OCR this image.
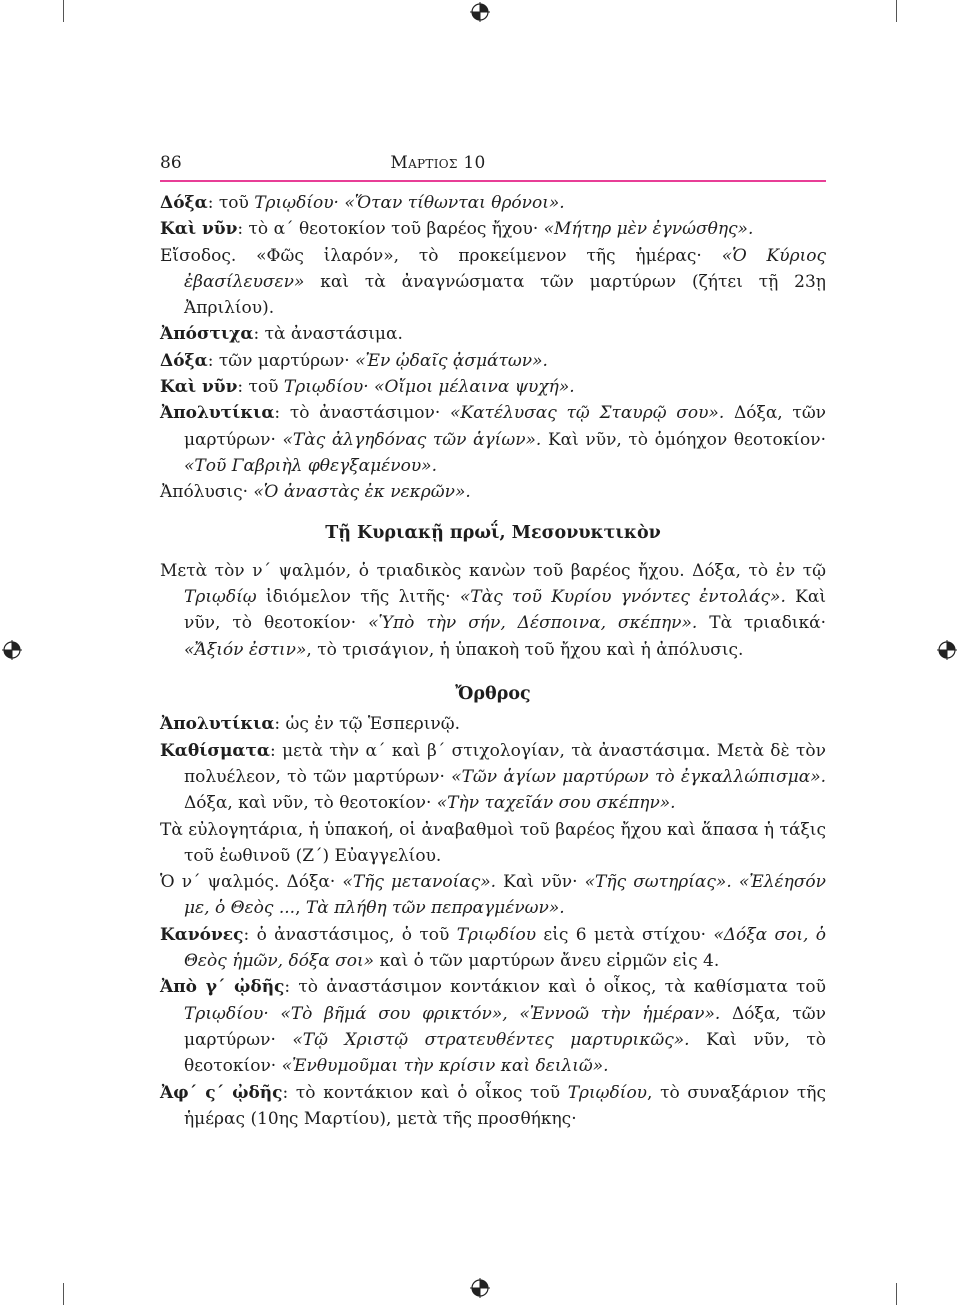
86	Μαρτιος 10

Δόξα: τοῦ Τριῳδίου· «Ὅταν τίθωνται θρόνοι».

Καὶ νῦν: τὸ α΄ θεοτοκίον τοῦ βαρέος ἤχου· «Μήτηρ μὲν ἐγνώσθης».

Εἴσοδος. «Φῶς ἱλαρόν», τὸ προκείμενον τῆς ἡμέρας· «Ὁ Κύριος ἐβασίλευσεν» καὶ τὰ ἀναγνώσματα τῶν μαρτύρων (ζήτει τῇ 23ῃ Ἀπριλίου).

Ἀπόστιχα: τὰ ἀναστάσιμα.

Δόξα: τῶν μαρτύρων· «Ἐν ᾠδαῖς ᾀσμάτων».

Καὶ νῦν: τοῦ Τριῳδίου· «Οἴμοι μέλαινα ψυχή».

Ἀπολυτίκια: τὸ ἀναστάσιμον· «Κατέλυσας τῷ Σταυρῷ σου». Δόξα, τῶν μαρτύρων· «Τὰς ἀλγηδόνας τῶν ἁγίων». Καὶ νῦν, τὸ ὁμόηχον θεοτοκίον· «Τοῦ Γαβριὴλ φθεγξαμένου».

Ἀπόλυσις· «Ὁ ἀναστὰς ἐκ νεκρῶν».

Τῇ Κυριακῇ πρωΐ, Μεσονυκτικὸν

Μετὰ τὸν ν΄ ψαλμόν, ὁ τριαδικὸς κανὼν τοῦ βαρέος ἤχου. Δόξα, τὸ ἐν τῷ Τριῳδίῳ ἰδιόμελον τῆς λιτῆς· «Τὰς τοῦ Κυρίου γνόντες ἐντολάς». Καὶ νῦν, τὸ θεοτοκίον· «Ὑπὸ τὴν σήν, Δέσποινα, σκέπην». Τὰ τριαδικά· «Ἄξιόν ἐστιν», τὸ τρισάγιον, ἡ ὑπακοὴ τοῦ ἤχου καὶ ἡ ἀπόλυσις.

Ὄρθρος

Ἀπολυτίκια: ὡς ἐν τῷ Ἑσπερινῷ.

Καθίσματα: μετὰ τὴν α΄ καὶ β΄ στιχολογίαν, τὰ ἀναστάσιμα. Μετὰ δὲ τὸν πολυέλεον, τὸ τῶν μαρτύρων· «Τῶν ἁγίων μαρτύρων τὸ ἐγκαλλώπισμα». Δόξα, καὶ νῦν, τὸ θεοτοκίον· «Τὴν ταχεῖάν σου σκέπην».

Τὰ εὐλογητάρια, ἡ ὑπακοή, οἱ ἀναβαθμοὶ τοῦ βαρέος ἤχου καὶ ἅπασα ἡ τάξις τοῦ ἑωθινοῦ (Ζ΄) Εὐαγγελίου.

Ὁ ν΄ ψαλμός. Δόξα· «Τῆς μετανοίας». Καὶ νῦν· «Τῆς σωτηρίας». «Ἐλέησόν με, ὁ Θεὸς ..., Τὰ πλήθη τῶν πεπραγμένων».

Κανόνες: ὁ ἀναστάσιμος, ὁ τοῦ Τριῳδίου εἰς 6 μετὰ στίχου· «Δόξα σοι, ὁ Θεὸς ἡμῶν, δόξα σοι» καὶ ὁ τῶν μαρτύρων ἄνευ εἱρμῶν εἰς 4.

Ἀπὸ γ΄ ᾠδῆς: τὸ ἀναστάσιμον κοντάκιον καὶ ὁ οἶκος, τὰ καθίσματα τοῦ Τριῳδίου· «Τὸ βῆμά σου φρικτόν», «Ἐννοῶ τὴν ἡμέραν». Δόξα, τῶν μαρτύρων· «Τῷ Χριστῷ στρατευθέντες μαρτυρικῶς». Καὶ νῦν, τὸ θεοτοκίον· «Ἐνθυμοῦμαι τὴν κρίσιν καὶ δειλιῶ».

Ἀφ΄ ς΄ ᾠδῆς: τὸ κοντάκιον καὶ ὁ οἶκος τοῦ Τριῳδίου, τὸ συναξάριον τῆς ἡμέρας (10ης Μαρτίου), μετὰ τῆς προσθήκης·
